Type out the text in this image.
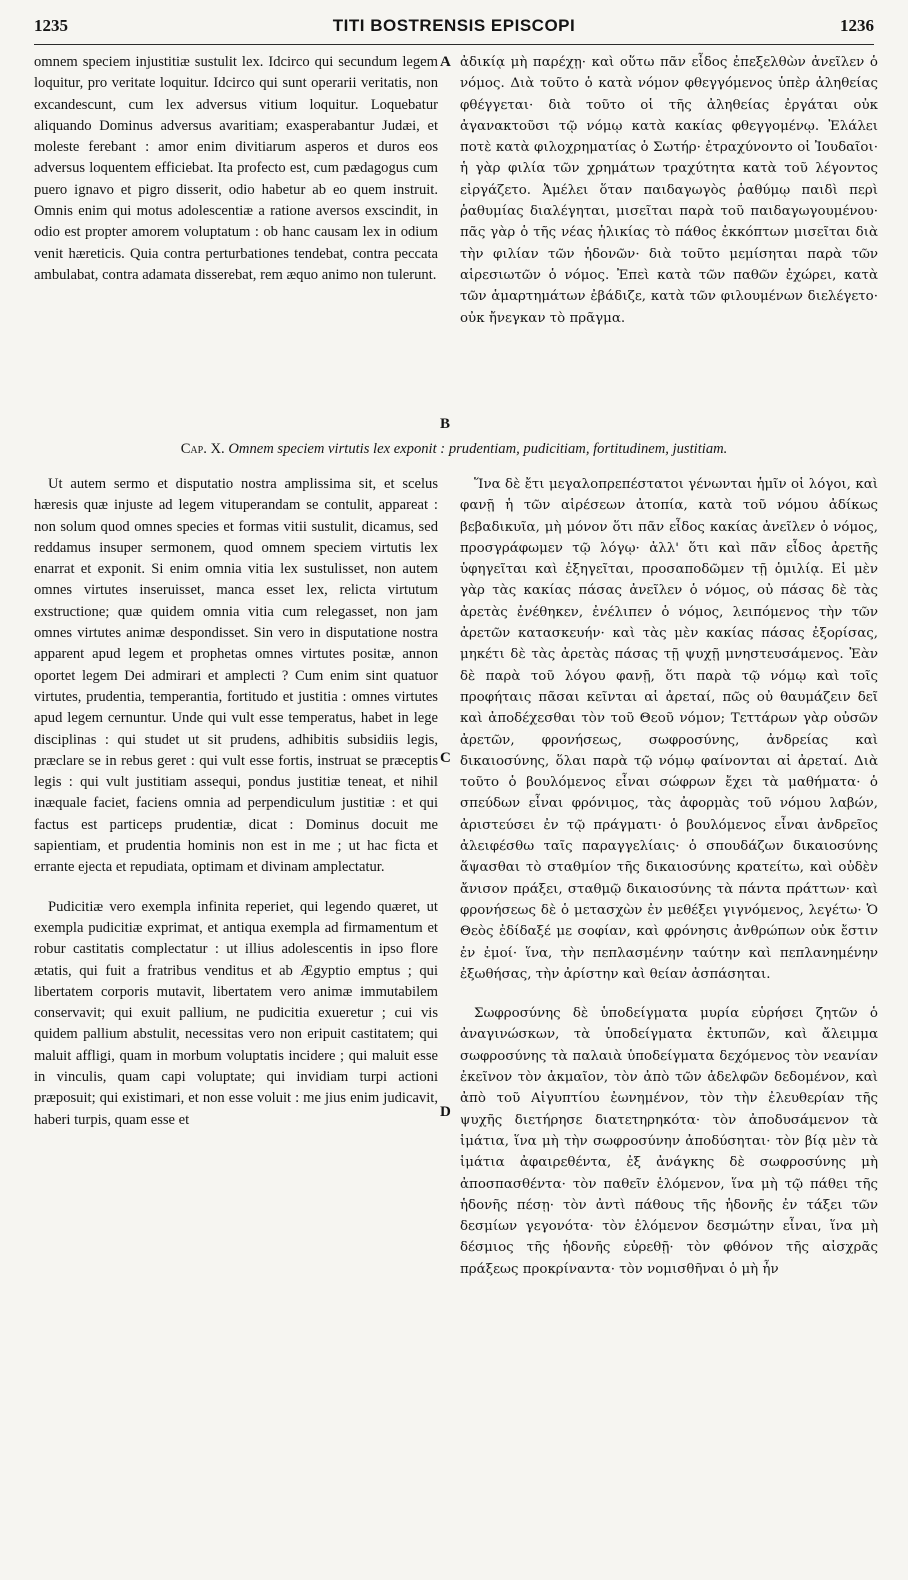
1235	TITI BOSTRENSIS EPISCOPI	1236

omnem speciem injustitiæ sustulit lex. Idcirco qui secundum legem loquitur, pro veritate loquitur. Idcirco qui sunt operarii veritatis, non excandescunt, cum lex adversus vitium loquitur. Loquebatur aliquando Dominus adversus avaritiam; exasperabantur Judæi, et moleste ferebant : amor enim divitiarum asperos et duros eos adversus loquentem efficiebat. Ita profecto est, cum pædagogus cum puero ignavo et pigro disserit, odio habetur ab eo quem instruit. Omnis enim qui motus adolescentiæ a ratione aversos exscindit, in odio est propter amorem voluptatum : ob hanc causam lex in odium venit hæreticis. Quia contra perturbationes tendebat, contra peccata ambulabat, contra adamata disserebat, rem æquo animo non tulerunt.

ἀδικίᾳ μὴ παρέχῃ· καὶ οὕτω πᾶν εἶδος ἐπεξελθὼν ἀνεῖλεν ὁ νόμος. Διὰ τοῦτο ὁ κατὰ νόμον φθεγγόμενος ὑπὲρ ἀληθείας φθέγγεται· διὰ τοῦτο οἱ τῆς ἀληθείας ἐργάται οὐκ ἀγανακτοῦσι τῷ νόμῳ κατὰ κακίας φθεγγομένῳ. Ἐλάλει ποτὲ κατὰ φιλοχρηματίας ὁ Σωτήρ· ἐτραχύνοντο οἱ Ἰουδαῖοι· ἡ γὰρ φιλία τῶν χρημάτων τραχύτητα κατὰ τοῦ λέγοντος εἰργάζετο. Ἀμέλει ὅταν παιδαγωγὸς ῥαθύμῳ παιδὶ περὶ ῥαθυμίας διαλέγηται, μισεῖται παρὰ τοῦ παιδαγωγουμένου· πᾶς γὰρ ὁ τῆς νέας ἡλικίας τὸ πάθος ἐκκόπτων μισεῖται διὰ τὴν φιλίαν τῶν ἡδονῶν· διὰ τοῦτο μεμίσηται παρὰ τῶν αἱρεσιωτῶν ὁ νόμος. Ἐπεὶ κατὰ τῶν παθῶν ἐχώρει, κατὰ τῶν ἁμαρτημάτων ἐβάδιζε, κατὰ τῶν φιλουμένων διελέγετο· οὐκ ἤνεγκαν τὸ πρᾶγμα.

A
B
Cap. X. Omnem speciem virtutis lex exponit : prudentiam, pudicitiam, fortitudinem, justitiam.

Ut autem sermo et disputatio nostra amplissima sit, et scelus hæresis quæ injuste ad legem vituperandam se contulit, appareat : non solum quod omnes species et formas vitii sustulit, dicamus, sed reddamus insuper sermonem, quod omnem speciem virtutis lex enarrat et exponit. Si enim omnia vitia lex sustulisset, non autem omnes virtutes inseruisset, manca esset lex, relicta virtutum exstructione; quæ quidem omnia vitia cum relegasset, non jam omnes virtutes animæ despondisset. Sin vero in disputatione nostra apparent apud legem et prophetas omnes virtutes positæ, annon oportet legem Dei admirari et amplecti ? Cum enim sint quatuor virtutes, prudentia, temperantia, fortitudo et justitia : omnes virtutes apud legem cernuntur. Unde qui vult esse temperatus, habet in lege disciplinas : qui studet ut sit prudens, adhibitis subsidiis legis, præclare se in rebus geret : qui vult esse fortis, instruat se præceptis legis : qui vult justitiam assequi, pondus justitiæ teneat, et nihil inæquale faciet, faciens omnia ad perpendiculum justitiæ : et qui factus est particeps prudentiæ, dicat : Dominus docuit me sapientiam, et prudentia hominis non est in me ; ut hac ficta et errante ejecta et repudiata, optimam et divinam amplectatur.

Pudicitiæ vero exempla infinita reperiet, qui legendo quæret, ut exempla pudicitiæ exprimat, et antiqua exempla ad firmamentum et robur castitatis complectatur : ut illius adolescentis in ipso flore ætatis, qui fuit a fratribus venditus et ab Ægyptio emptus ; qui libertatem corporis mutavit, libertatem vero animæ immutabilem conservavit; qui exuit pallium, ne pudicitia exueretur ; cui vis quidem pallium abstulit, necessitas vero non eripuit castitatem; qui maluit affligi, quam in morbum voluptatis incidere ; qui maluit esse in vinculis, quam capi voluptate; qui invidiam turpi actioni præposuit; qui existimari, et non esse voluit : me jius enim judicavit, haberi turpis, quam esse et

Ἵνα δὲ ἔτι μεγαλοπρεπέστατοι γένωνται ἡμῖν οἱ λόγοι, καὶ φανῇ ἡ τῶν αἱρέσεων ἀτοπία, κατὰ τοῦ νόμου ἀδίκως βεβαδικυῖα, μὴ μόνον ὅτι πᾶν εἶδος κακίας ἀνεῖλεν ὁ νόμος, προσγράφωμεν τῷ λόγῳ· ἀλλ' ὅτι καὶ πᾶν εἶδος ἀρετῆς ὑφηγεῖται καὶ ἐξηγεῖται, προσαποδῶμεν τῇ ὁμιλίᾳ. Εἰ μὲν γὰρ τὰς κακίας πάσας ἀνεῖλεν ὁ νόμος, οὐ πάσας δὲ τὰς ἀρετὰς ἐνέθηκεν, ἐνέλιπεν ὁ νόμος, λειπόμενος τὴν τῶν ἀρετῶν κατασκευήν· καὶ τὰς μὲν κακίας πάσας ἐξορίσας, μηκέτι δὲ τὰς ἀρετὰς πάσας τῇ ψυχῇ μνηστευσάμενος. Ἐὰν δὲ παρὰ τοῦ λόγου φανῇ, ὅτι παρὰ τῷ νόμῳ καὶ τοῖς προφήταις πᾶσαι κεῖνται αἱ ἀρεταί, πῶς οὐ θαυμάζειν δεῖ καὶ ἀποδέχεσθαι τὸν τοῦ Θεοῦ νόμον; Τεττάρων γὰρ οὐσῶν ἀρετῶν, φρονήσεως, σωφροσύνης, ἀνδρείας καὶ δικαιοσύνης, ὅλαι παρὰ τῷ νόμῳ φαίνονται αἱ ἀρεταί. Διὰ τοῦτο ὁ βουλόμενος εἶναι σώφρων ἔχει τὰ μαθήματα· ὁ σπεύδων εἶναι φρόνιμος, τὰς ἀφορμὰς τοῦ νόμου λαβών, ἀριστεύσει ἐν τῷ πράγματι· ὁ βουλόμενος εἶναι ἀνδρεῖος ἀλειφέσθω ταῖς παραγγελίαις· ὁ σπουδάζων δικαιοσύνης ἅψασθαι τὸ σταθμίον τῆς δικαιοσύνης κρατείτω, καὶ οὐδὲν ἄνισον πράξει, σταθμῷ δικαιοσύνης τὰ πάντα πράττων· καὶ φρονήσεως δὲ ὁ μετασχὼν ἐν μεθέξει γιγνόμενος, λεγέτω· Ὁ Θεὸς ἐδίδαξέ με σοφίαν, καὶ φρόνησις ἀνθρώπων οὐκ ἔστιν ἐν ἐμοί· ἵνα, τὴν πεπλασμένην ταύτην καὶ πεπλανημένην ἐξωθήσας, τὴν ἀρίστην καὶ θείαν ἀσπάσηται.

Σωφροσύνης δὲ ὑποδείγματα μυρία εὑρήσει ζητῶν ὁ ἀναγινώσκων, τὰ ὑποδείγματα ἐκτυπῶν, καὶ ἄλειμμα σωφροσύνης τὰ παλαιὰ ὑποδείγματα δεχόμενος τὸν νεανίαν ἐκεῖνον τὸν ἀκμαῖον, τὸν ἀπὸ τῶν ἀδελφῶν δεδομένον, καὶ ἀπὸ τοῦ Αἰγυπτίου ἐωνημένον, τὸν τὴν ἐλευθερίαν τῆς ψυχῆς διετήρησε διατετηρηκότα· τὸν ἀποδυσάμενον τὰ ἱμάτια, ἵνα μὴ τὴν σωφροσύνην ἀποδύσηται· τὸν βίᾳ μὲν τὰ ἱμάτια ἀφαιρεθέντα, ἐξ ἀνάγκης δὲ σωφροσύνης μὴ ἀποσπασθέντα· τὸν παθεῖν ἑλόμενον, ἵνα μὴ τῷ πάθει τῆς ἡδονῆς πέσῃ· τὸν ἀντὶ πάθους τῆς ἡδονῆς ἐν τάξει τῶν δεσμίων γεγονότα· τὸν ἑλόμενον δεσμώτην εἶναι, ἵνα μὴ δέσμιος τῆς ἡδονῆς εὑρεθῇ· τὸν φθόνον τῆς αἰσχρᾶς πράξεως προκρίναντα· τὸν νομισθῆναι ὁ μὴ ἦν

C
D
